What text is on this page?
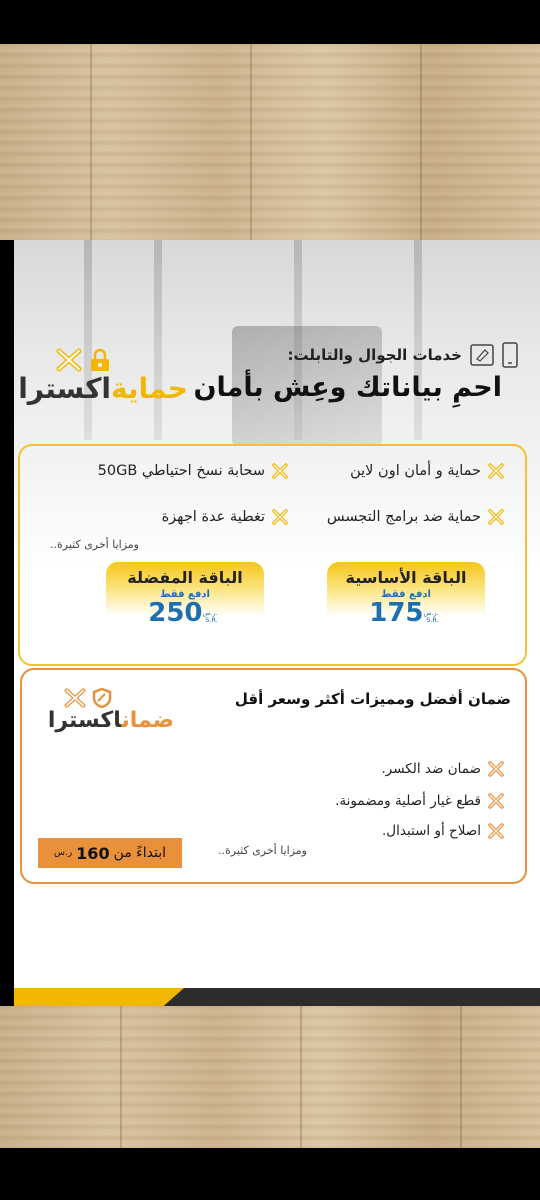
خدمات الجوال والتابلت:
احمِ بياناتك وعِش بأمان
حمايةاكسترا
حماية و أمان اون لاين
سحابة نسخ احتياطي 50GB
حماية ضد برامج التجسس
تغطية عدة اجهزة
ومزايا أخرى كثيرة..
الباقة الأساسية
ادفع فقط
175ر.س.
S.R.
الباقة المفضلة
ادفع فقط
250ر.س.
S.R.
ضمان أفضل ومميزات أكثر وسعر أقل
ضماناكسترا
ضمان ضد الكسر.
قطع غيار أصلية ومضمونة.
اصلاح أو استبدال.
ومزايا أخرى كثيرة..
ابتداءً من
160
ر.س
